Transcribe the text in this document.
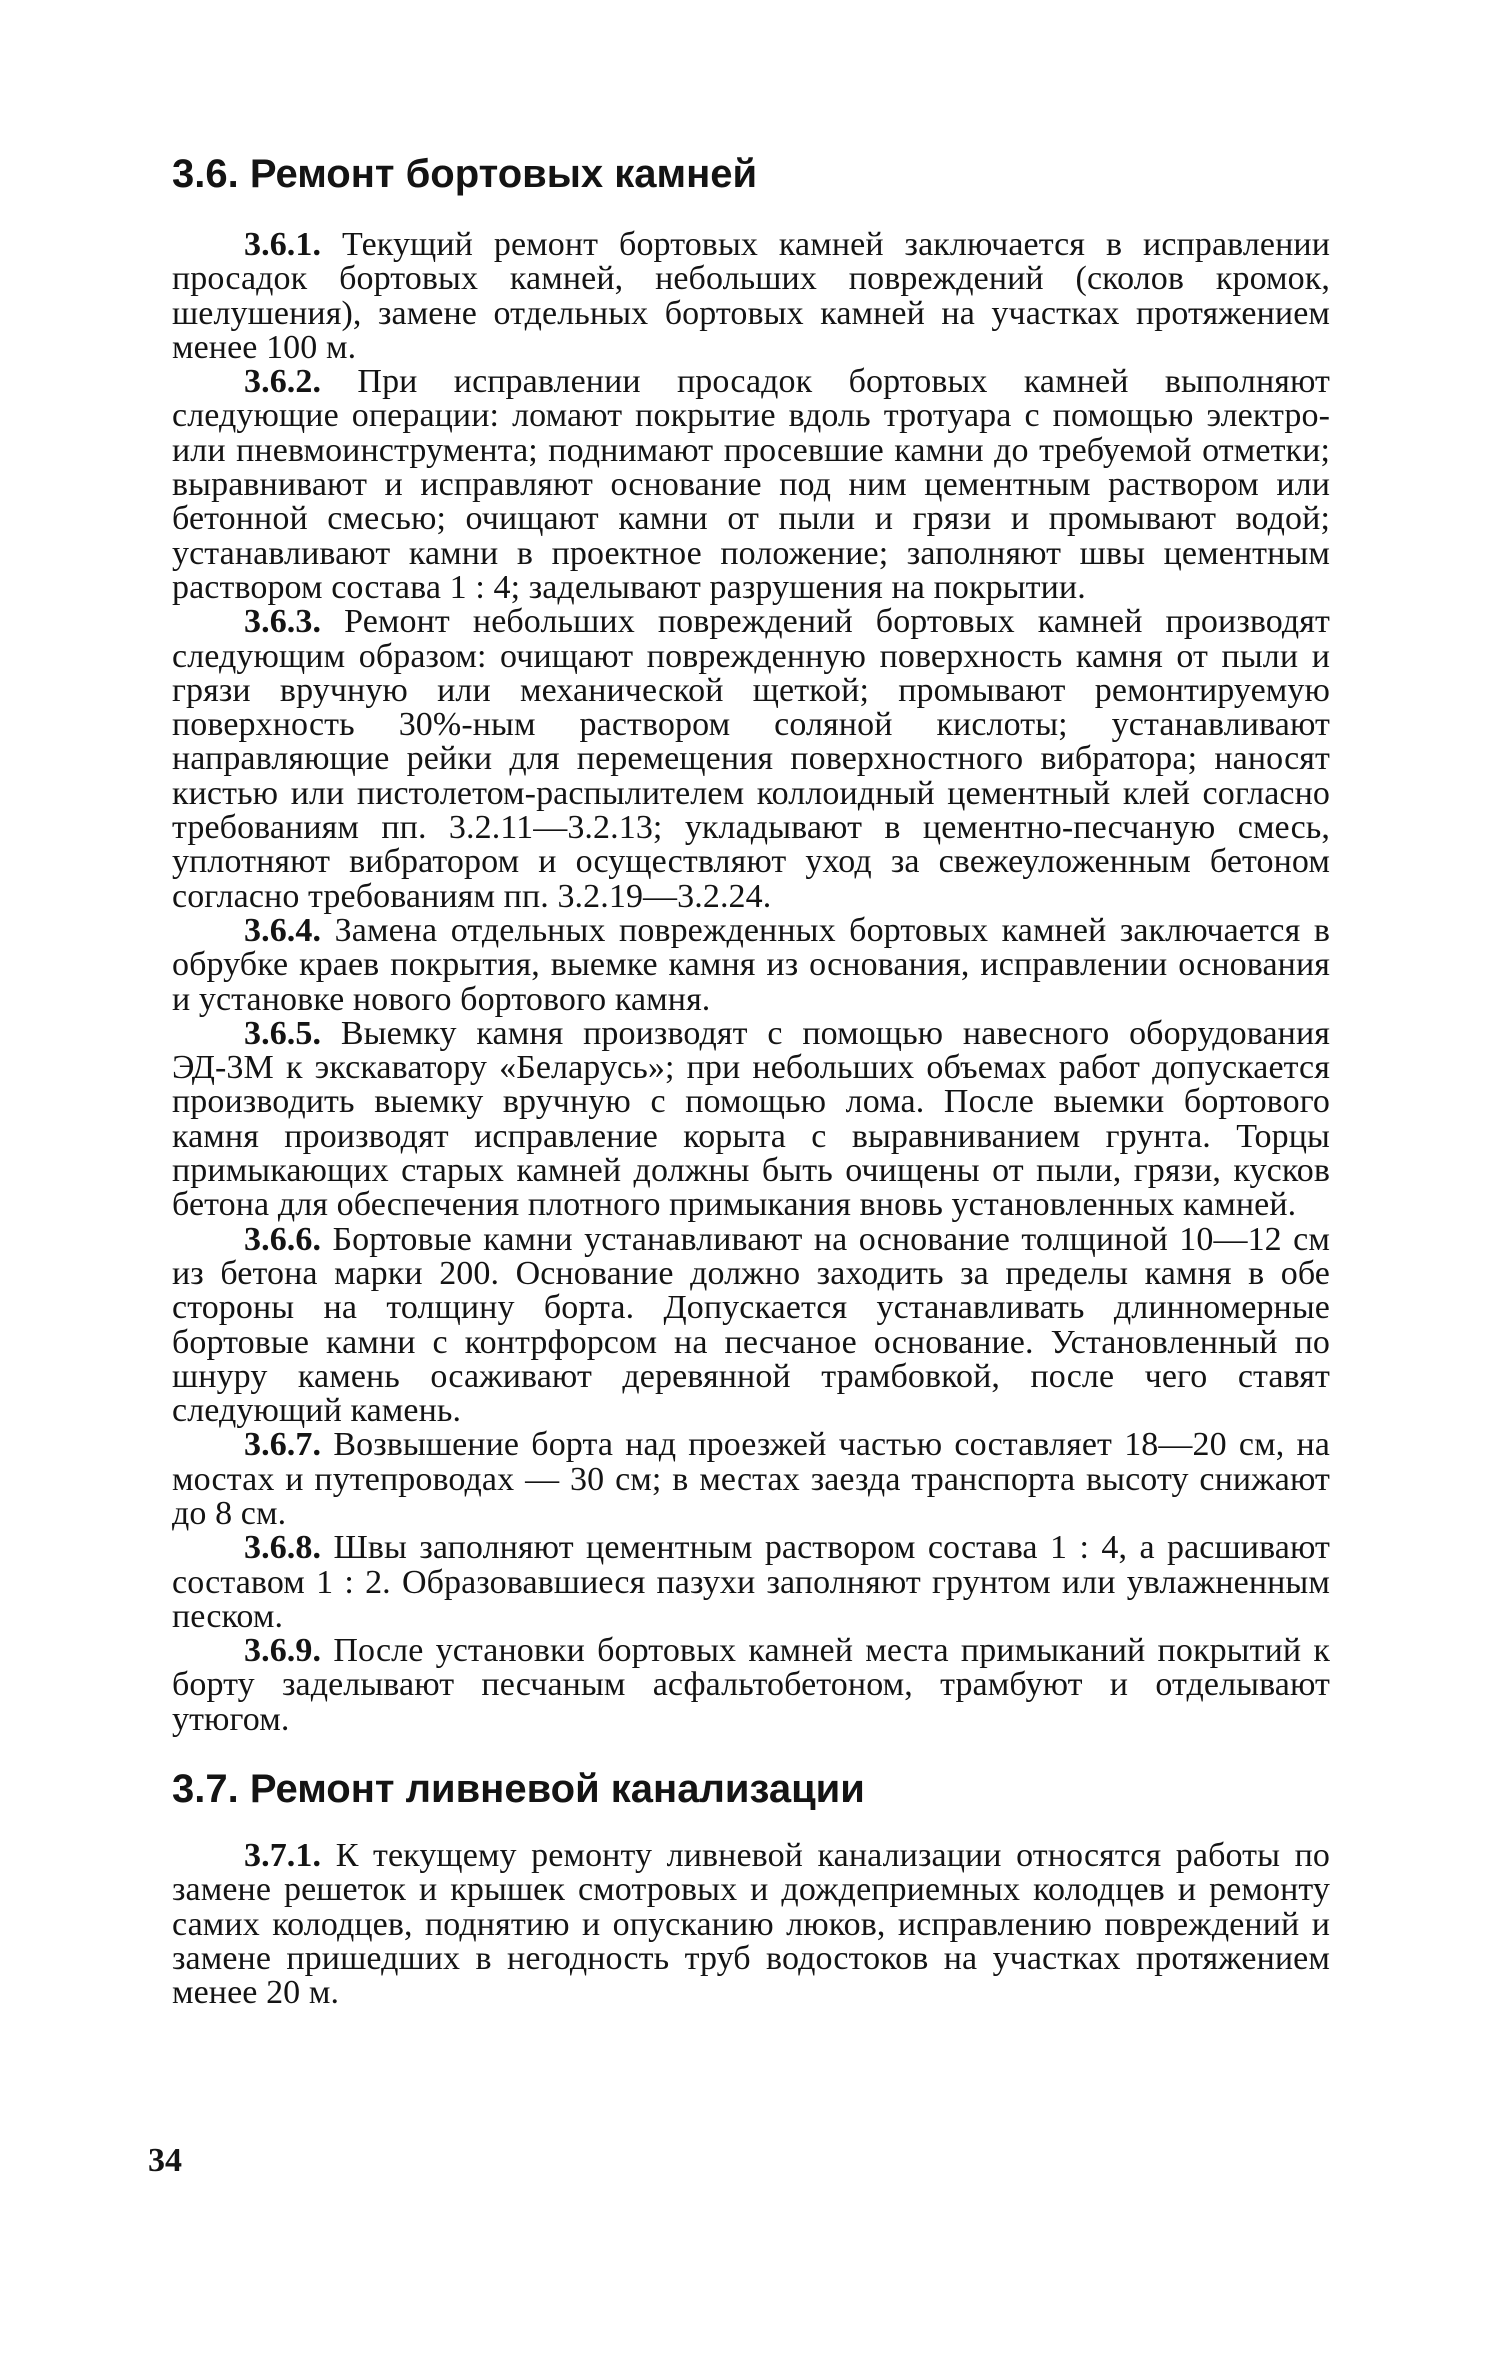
3.6. Ремонт бортовых камней

3.6.1. Текущий ремонт бортовых камней заключается в исправлении просадок бортовых камней, небольших повреждений (сколов кромок, шелушения), замене отдельных бортовых камней на участках протяжением менее 100 м.

3.6.2. При исправлении просадок бортовых камней выполняют следующие операции: ломают покрытие вдоль тротуара с помощью электро- или пневмоинструмента; поднимают просевшие камни до требуемой отметки; выравнивают и исправляют основание под ним цементным раствором или бетонной смесью; очищают камни от пыли и грязи и промывают водой; устанавливают камни в проектное положение; заполняют швы цементным раствором состава 1 : 4; заделывают разрушения на покрытии.

3.6.3. Ремонт небольших повреждений бортовых камней производят следующим образом: очищают поврежденную поверхность камня от пыли и грязи вручную или механической щеткой; промывают ремонтируемую поверхность 30%-ным раствором соляной кислоты; устанавливают направляющие рейки для перемещения поверхностного вибратора; наносят кистью или пистолетом-распылителем коллоидный цементный клей согласно требованиям пп. 3.2.11—3.2.13; укладывают в цементно-песчаную смесь, уплотняют вибратором и осуществляют уход за свежеуложенным бетоном согласно требованиям пп. 3.2.19—3.2.24.

3.6.4. Замена отдельных поврежденных бортовых камней заключается в обрубке краев покрытия, выемке камня из основания, исправлении основания и установке нового бортового камня.

3.6.5. Выемку камня производят с помощью навесного оборудования ЭД-3М к экскаватору «Беларусь»; при небольших объемах работ допускается производить выемку вручную с помощью лома. После выемки бортового камня производят исправление корыта с выравниванием грунта. Торцы примыкающих старых камней должны быть очищены от пыли, грязи, кусков бетона для обеспечения плотного примыкания вновь установленных камней.

3.6.6. Бортовые камни устанавливают на основание толщиной 10—12 см из бетона марки 200. Основание должно заходить за пределы камня в обе стороны на толщину борта. Допускается устанавливать длинномерные бортовые камни с контрфорсом на песчаное основание. Установленный по шнуру камень осаживают деревянной трамбовкой, после чего ставят следующий камень.

3.6.7. Возвышение борта над проезжей частью составляет 18—20 см, на мостах и путепроводах — 30 см; в местах заезда транспорта высоту снижают до 8 см.

3.6.8. Швы заполняют цементным раствором состава 1 : 4, а расшивают составом 1 : 2. Образовавшиеся пазухи заполняют грунтом или увлажненным песком.

3.6.9. После установки бортовых камней места примыканий покрытий к борту заделывают песчаным асфальтобетоном, трамбуют и отделывают утюгом.

3.7. Ремонт ливневой канализации

3.7.1. К текущему ремонту ливневой канализации относятся работы по замене решеток и крышек смотровых и дождеприемных колодцев и ремонту самих колодцев, поднятию и опусканию люков, исправлению повреждений и замене пришедших в негодность труб водостоков на участках протяжением менее 20 м.

34
